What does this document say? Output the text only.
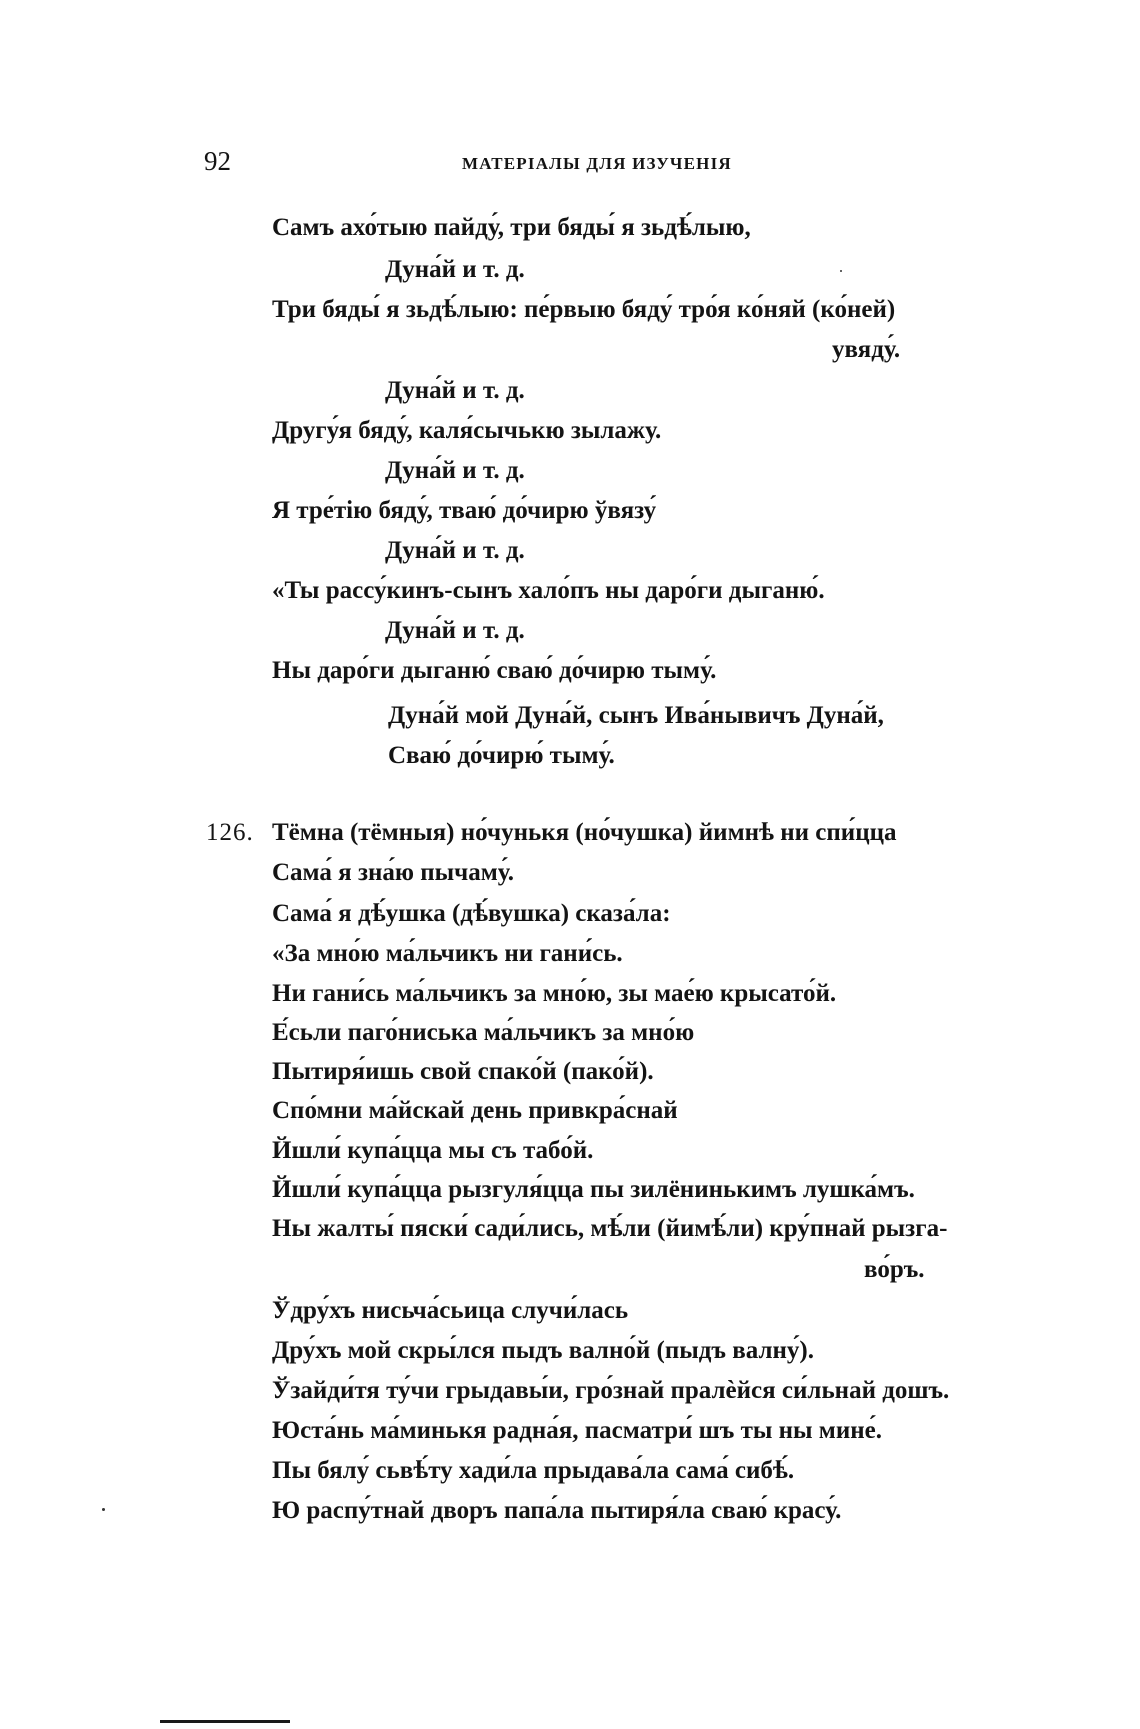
92	МАТЕРІАЛЫ ДЛЯ ИЗУЧЕНІЯ
Самъ ахо́тыю пайду́, три бяды́ я зьдѣ́лыю,
Дуна́й и т. д.
Три бяды́ я зьдѣ́лыю: пе́рвыю бяду́ тро́я ко́няй (ко́ней)
увяду́.
Дуна́й и т. д.
Другу́я бяду́, каля́сычькю зылажу.
Дуна́й и т. д.
Я тре́тію бяду́, тваю́ до́чирю ўвязу́
Дуна́й и т. д.
«Ты рассу́кинъ-сынъ хало́пъ ны даро́ги дыганю́.
Дуна́й и т. д.
Ны даро́ги дыганю́ сваю́ до́чирю тыму́.
Дуна́й мой Дуна́й, сынъ Ива́нывичъ Дуна́й,
Сваю́ до́чирю́ тыму́.
126. Тёмна (тёмныя) но́чунькя (но́чушка) йимнѣ ни спи́цца
Сама́ я зна́ю пычаму́.
Сама́ я дѣ́ушка (дѣ́вушка) сказа́ла:
«За мно́ю ма́льчикъ ни гани́сь.
Ни гани́сь ма́льчикъ за мно́ю, зы мае́ю крысато́й.
Е́сьли паго́ниська ма́льчикъ за мно́ю
Пытиря́ишь свой спако́й (пако́й).
Спо́мни ма́йскай день привкра́снай
Йшли́ купа́цца мы съ табо́й.
Йшли́ купа́цца рызгуля́цца пы зилёнинькимъ лушка́мъ.
Ны жалты́ пяски́ сади́лись, мѣ́ли (йимѣ́ли) кру́пнай рызга-
во́ръ.
Ўдру́хъ нисьча́сьица случи́лась
Дру́хъ мой скры́лся пыдъ вално́й (пыдъ валну́).
Ўзайди́тя ту́чи грыдавы́и, гро́знай пралѐйся си́льнай дошъ.
Юста́нь ма́минькя радна́я, пасматри́ шъ ты ны мине́.
Пы бялу́ сьвѣ́ту хади́ла прыдава́ла сама́ сибѣ́.
Ю распу́тнай дворъ папа́ла пытиря́ла сваю́ красу́.
